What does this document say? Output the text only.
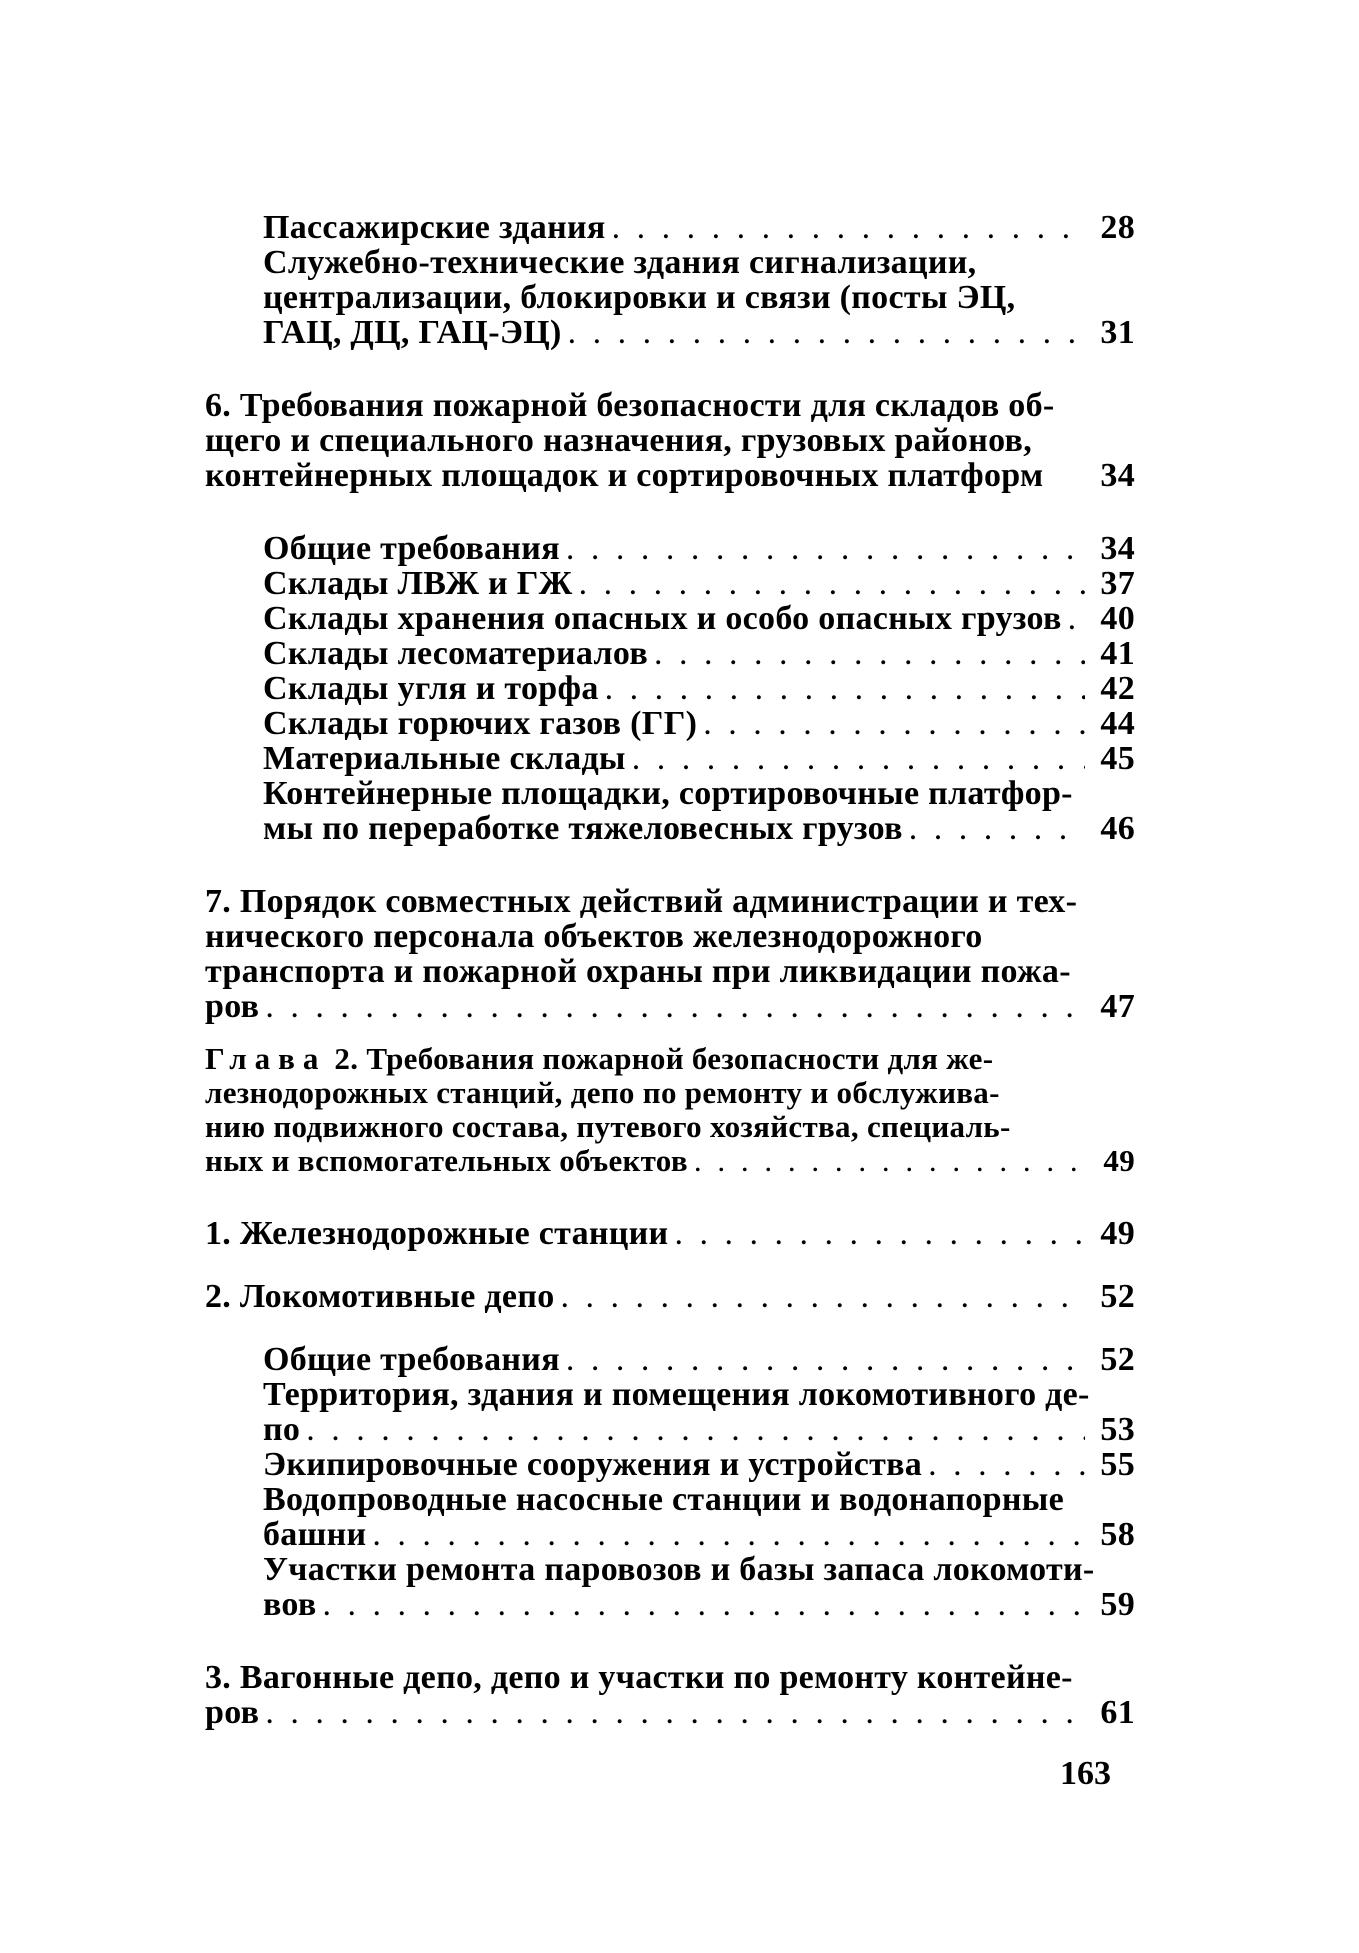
Пассажирские здания . . .	28
Служебно-технические здания сигнализации,
централизации, блокировки и связи (посты ЭЦ,
ГАЦ, ДЦ, ГАЦ-ЭЦ) . . .	31
6. Требования пожарной безопасности для складов об-
щего и специального назначения, грузовых районов,
контейнерных площадок и сортировочных платформ 34
Общие требования . . .	34
Склады ЛВЖ и ГЖ . . .	37
Склады хранения опасных и особо опасных грузов . . . 40
Склады лесоматериалов . . .	41
Склады угля и торфа . . .	42
Склады горючих газов (ГГ) . . .	44
Материальные склады . . .	45
Контейнерные площадки, сортировочные платфор-
мы по переработке тяжеловесных грузов . . .	46
7. Порядок совместных действий администрации и тех-
нического персонала объектов железнодорожного
транспорта и пожарной охраны при ликвидации пожа-
ров . . .	47
Глава 2. Требования пожарной безопасности для же-
лезнодорожных станций, депо по ремонту и обслужива-
нию подвижного состава, путевого хозяйства, специаль-
ных и вспомогательных объектов . . .	49
1. Железнодорожные станции . . .	49
2. Локомотивные депо . . .	52
Общие требования . . .	52
Территория, здания и помещения локомотивного де-
по . . .	53
Экипировочные сооружения и устройства . . .	55
Водопроводные насосные станции и водонапорные
башни . . .	58
Участки ремонта паровозов и базы запаса локомоти-
вов . . .	59
3. Вагонные депо, депо и участки по ремонту контейне-
ров . . .	61
163
